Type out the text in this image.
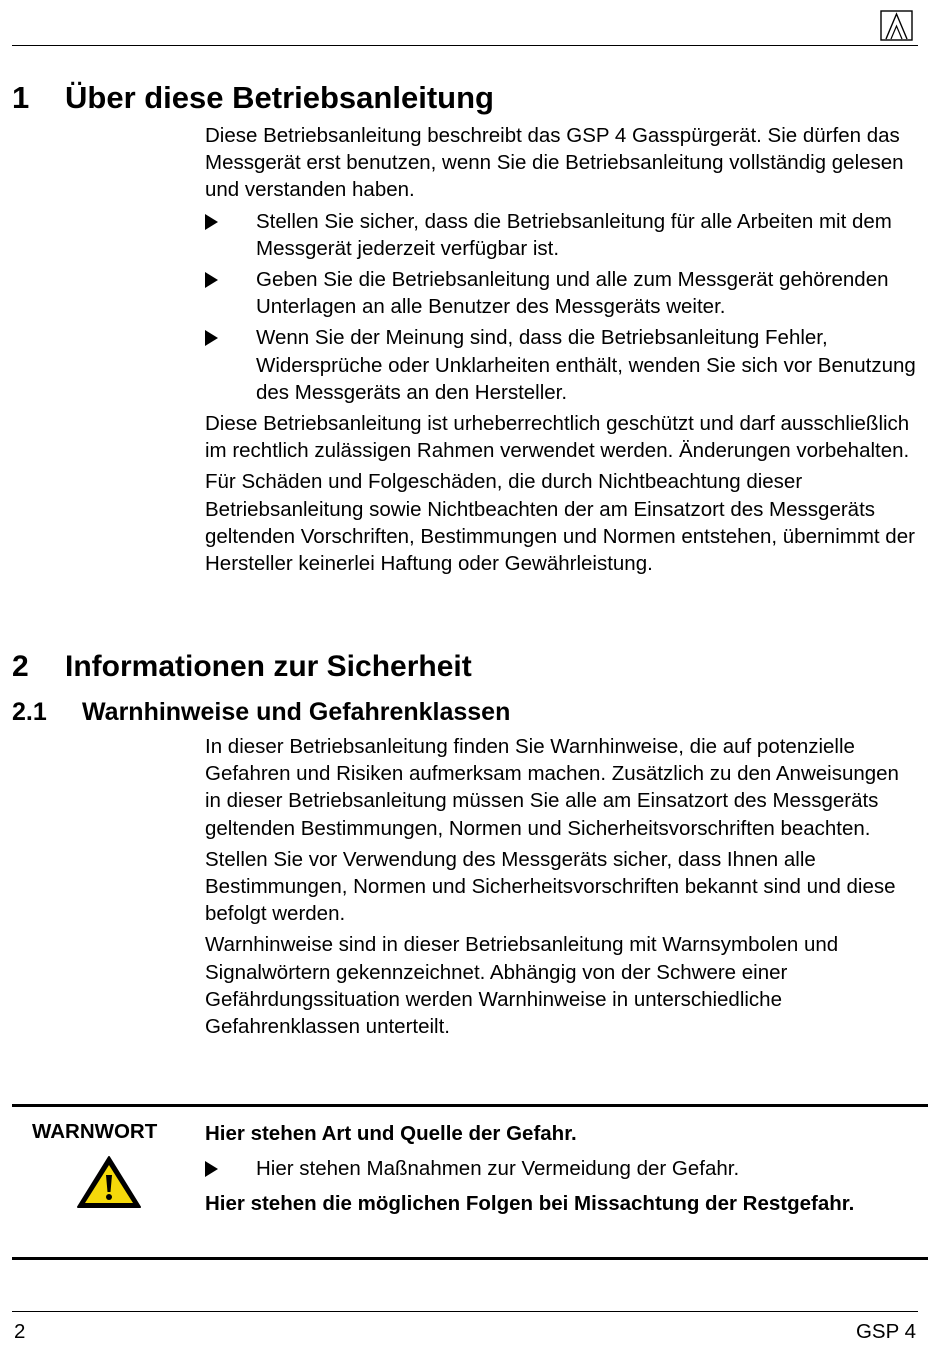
1 Über diese Betriebsanleitung

Diese Betriebsanleitung beschreibt das GSP 4 Gasspürgerät. Sie dürfen das Messgerät erst benutzen, wenn Sie die Betriebsanleitung vollständig gelesen und verstanden haben.

Stellen Sie sicher, dass die Betriebsanleitung für alle Arbeiten mit dem Messgerät jederzeit verfügbar ist.
Geben Sie die Betriebsanleitung und alle zum Messgerät gehörenden Unterlagen an alle Benutzer des Messgeräts weiter.
Wenn Sie der Meinung sind, dass die Betriebsanleitung Fehler, Widersprüche oder Unklarheiten enthält, wenden Sie sich vor Benutzung des Messgeräts an den Hersteller.

Diese Betriebsanleitung ist urheberrechtlich geschützt und darf ausschließlich im rechtlich zulässigen Rahmen verwendet werden. Änderungen vorbehalten.

Für Schäden und Folgeschäden, die durch Nichtbeachtung dieser Betriebsanleitung sowie Nichtbeachten der am Einsatzort des Messgeräts geltenden Vorschriften, Bestimmungen und Normen entstehen, übernimmt der Hersteller keinerlei Haftung oder Gewährleistung.

2 Informationen zur Sicherheit
2.1 Warnhinweise und Gefahrenklassen

In dieser Betriebsanleitung finden Sie Warnhinweise, die auf potenzielle Gefahren und Risiken aufmerksam machen. Zusätzlich zu den Anweisungen in dieser Betriebsanleitung müssen Sie alle am Einsatzort des Messgeräts geltenden Bestimmungen, Normen und Sicherheitsvorschriften beachten.

Stellen Sie vor Verwendung des Messgeräts sicher, dass Ihnen alle Bestimmungen, Normen und Sicherheitsvorschriften bekannt sind und diese befolgt werden.

Warnhinweise sind in dieser Betriebsanleitung mit Warnsymbolen und Signalwörtern gekennzeichnet. Abhängig von der Schwere einer Gefährdungssituation werden Warnhinweise in unterschiedliche Gefahrenklassen unterteilt.

WARNWORT Hier stehen Art und Quelle der Gefahr.

Hier stehen Maßnahmen zur Vermeidung der Gefahr.

Hier stehen die möglichen Folgen bei Missachtung der Restgefahr.

2	GSP 4
